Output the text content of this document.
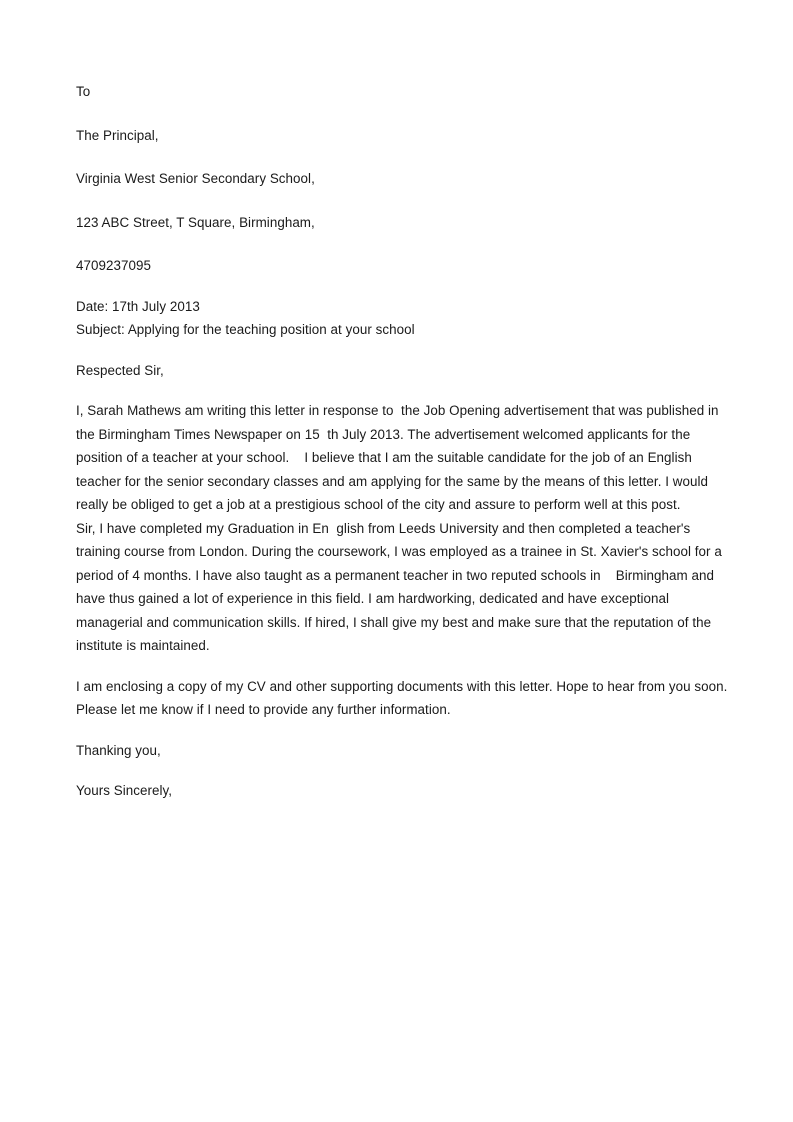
To
The Principal,
Virginia West Senior Secondary School,
123 ABC Street, T Square, Birmingham,
4709237095
Date: 17th July 2013
Subject: Applying for the teaching position at your school
Respected Sir,
I, Sarah Mathews am writing this letter in response to  the Job Opening advertisement that was published in
the Birmingham Times Newspaper on 15  th July 2013. The advertisement welcomed applicants for the
position of a teacher at your school.    I believe that I am the suitable candidate for the job of an English
teacher for the senior secondary classes and am applying for the same by the means of this letter. I would
really be obliged to get a job at a prestigious school of the city and assure to perform well at this post.
Sir, I have completed my Graduation in En  glish from Leeds University and then completed a teacher's
training course from London. During the coursework, I was employed as a trainee in St. Xavier's school for a
period of 4 months. I have also taught as a permanent teacher in two reputed schools in    Birmingham and
have thus gained a lot of experience in this field. I am hardworking, dedicated and have exceptional
managerial and communication skills. If hired, I shall give my best and make sure that the reputation of the
institute is maintained.
I am enclosing a copy of my CV and other supporting documents with this letter. Hope to hear from you soon.
Please let me know if I need to provide any further information.
Thanking you,
Yours Sincerely,
